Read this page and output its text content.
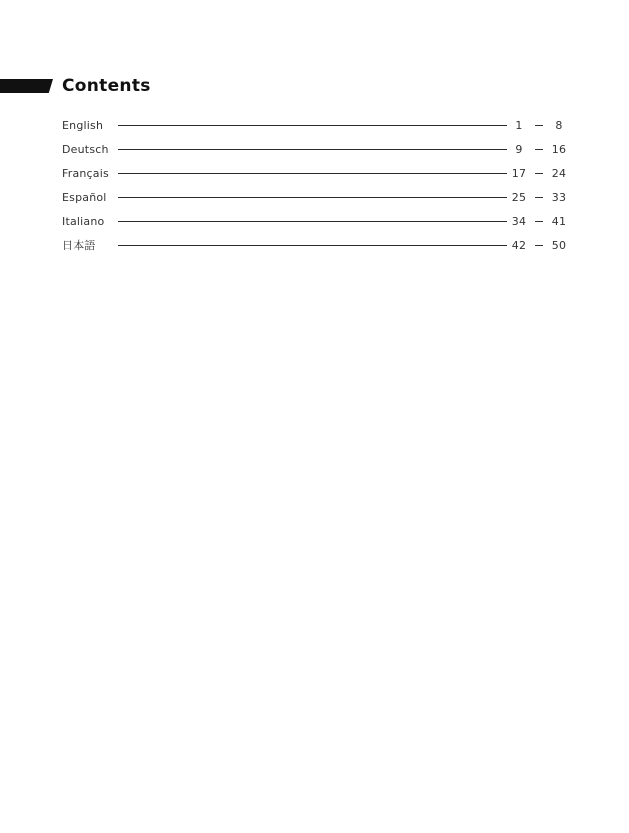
Contents
English	1	8
Deutsch	9	16
Français	17 24
Español	25 33
Italiano	34 41
日本語	42 50
